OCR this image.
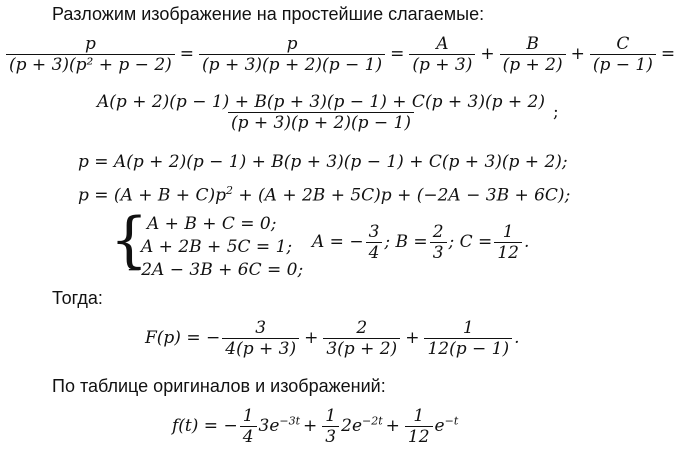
Разложим изображение на простейшие слагаемые:
$\frac{p}{\text{(p + 3)(p² + p − 2)}} = \frac{p}{(p + 3)(p + 2)(p - 1)} = \frac{A}{(p + 3)} + \frac{B}{(p + 2)} + \frac{C}{(p - 1)}$ =
$\frac{A(p + 2)(p - 1) + B(p + 3)(p - 1) + C(p + 3)(p + 2)}{(p + 3)(p + 2)(p - 1)}$ ;
p = A(p + 2)(p − 1) + B(p + 3)(p − 1) + C(p + 3)(p + 2);
$p = (A + B + C)p^2 + (A + 2B + 5C)p + (-2A - 3B + 6C)$;
{
A + B + C = 0;
A + 2B + 5C = 1;
−2A − 3B + 6C = 0;
A = − $\frac{3}{4}$ ; $B = \frac{2}{3}$ ; $C = \frac{1}{12}$ .
Тогда:
F(p) = − $\frac{3}{4(p + 3)} + \frac{2}{3(p + 2)} + \frac{1}{12(p - 1)}$ .
По таблице оригиналов и изображений:
f(t) = − $\frac{1}{4} 3e^{-3t} + \frac{1}{3} 2e^{-2t} + \frac{1}{12} e^{-t}$
